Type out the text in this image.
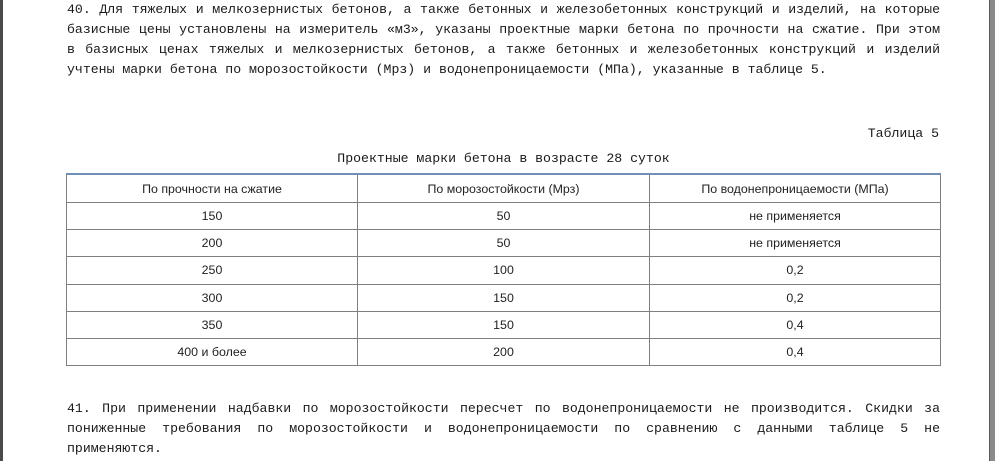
40. Для тяжелых и мелкозернистых бетонов, а также бетонных и железобетонных конструкций и изделий, на которые базисные цены установлены на измеритель «м3», указаны проектные марки бетона по прочности на сжатие. При этом в базисных ценах тяжелых и мелкозернистых бетонов, а также бетонных и железобетонных конструкций и изделий учтены марки бетона по морозостойкости (Мрз) и водонепроницаемости (МПа), указанные в таблице 5.

Таблица 5
Проектные марки бетона в возрасте 28 суток
По прочности на сжатие	По морозостойкости (Мрз)	По водонепроницаемости (МПа)
150	50	не применяется
200	50	не применяется
250	100	0,2
300	150	0,2
350	150	0,4
400 и более	200	0,4

41. При применении надбавки по морозостойкости пересчет по водонепроницаемости не производится. Скидки за пониженные требования по морозостойкости и водонепроницаемости по сравнению с данными таблице 5 не применяются.
